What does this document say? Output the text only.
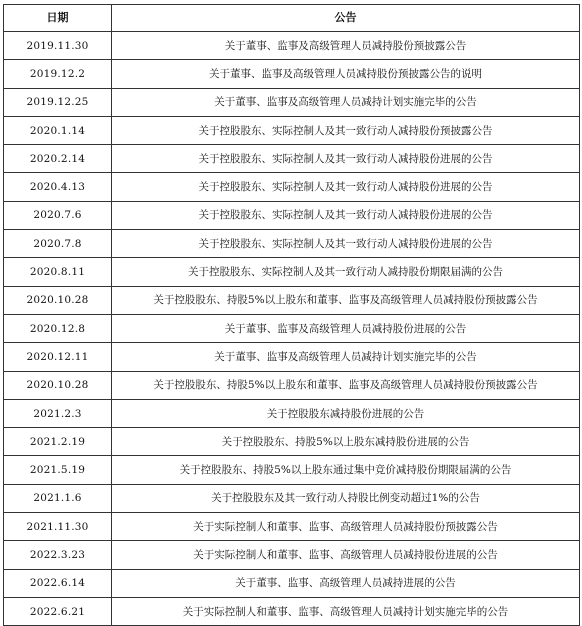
日期	公告
2019.11.30	关于董事、监事及高级管理人员减持股份预披露公告
2019.12.2	关于董事、监事及高级管理人员减持股份预披露公告的说明
2019.12.25	关于董事、监事及高级管理人员减持计划实施完毕的公告
2020.1.14	关于控股股东、实际控制人及其一致行动人减持股份预披露公告
2020.2.14	关于控股股东、实际控制人及其一致行动人减持股份进展的公告
2020.4.13	关于控股股东、实际控制人及其一致行动人减持股份进展的公告
2020.7.6	关于控股股东、实际控制人及其一致行动人减持股份进展的公告
2020.7.8	关于控股股东、实际控制人及其一致行动人减持股份进展的公告
2020.8.11	关于控股股东、实际控制人及其一致行动人减持股份期限届满的公告
2020.10.28	关于控股股东、持股5%以上股东和董事、监事及高级管理人员减持股份预披露公告
2020.12.8	关于董事、监事及高级管理人员减持股份进展的公告
2020.12.11	关于董事、监事及高级管理人员减持计划实施完毕的公告
2020.10.28	关于控股股东、持股5%以上股东和董事、监事及高级管理人员减持股份预披露公告
2021.2.3	关于控股股东减持股份进展的公告
2021.2.19	关于控股股东、持股5%以上股东减持股份进展的公告
2021.5.19	关于控股股东、持股5%以上股东通过集中竞价减持股份期限届满的公告
2021.1.6	关于控股股东及其一致行动人持股比例变动超过1%的公告
2021.11.30	关于实际控制人和董事、监事、高级管理人员减持股份预披露公告
2022.3.23	关于实际控制人和董事、监事、高级管理人员减持股份进展的公告
2022.6.14	关于董事、监事、高级管理人员减持进展的公告
2022.6.21	关于实际控制人和董事、监事、高级管理人员减持计划实施完毕的公告
